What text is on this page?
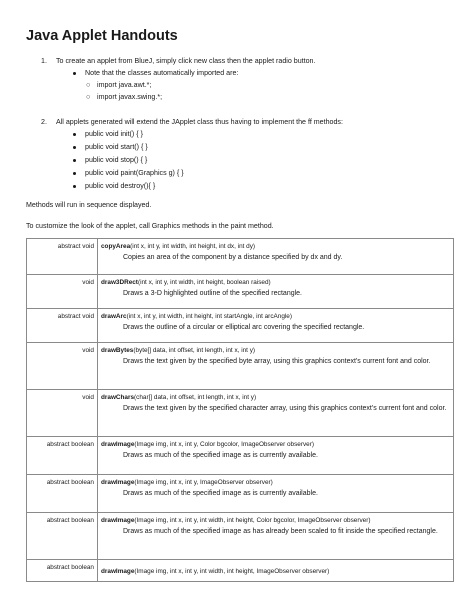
Java Applet Handouts

1. To create an applet from BlueJ, simply click new class then the applet radio button.

Note that the classes automatically imported are:

○ import java.awt.*;

○ import javax.swing.*;

2. All applets generated will extend the JApplet class thus having to implement the ff methods:

public void init() { }

public void start() { }

public void stop() { }

public void paint(Graphics g) { }

public void destroy(){ }

Methods will run in sequence displayed.

To customize the look of the applet, call Graphics methods in the paint method.

abstract void	copyArea(int x, int y, int width, int height, int dx, int dy)
Copies an area of the component by a distance specified by dx and dy.

void	draw3DRect(int x, int y, int width, int height, boolean raised)
Draws a 3-D highlighted outline of the specified rectangle.

abstract void	drawArc(int x, int y, int width, int height, int startAngle, int arcAngle)
Draws the outline of a circular or elliptical arc covering the specified rectangle.

void	drawBytes(byte[] data, int offset, int length, int x, int y)
Draws the text given by the specified byte array, using this graphics context's current font and color.

void	drawChars(char[] data, int offset, int length, int x, int y)
Draws the text given by the specified character array, using this graphics context's current font and color.

abstract boolean	drawImage(Image img, int x, int y, Color bgcolor, ImageObserver observer)
Draws as much of the specified image as is currently available.

abstract boolean	drawImage(Image img, int x, int y, ImageObserver observer)
Draws as much of the specified image as is currently available.

abstract boolean	drawImage(Image img, int x, int y, int width, int height, Color bgcolor, ImageObserver observer)
Draws as much of the specified image as has already been scaled to fit inside the specified rectangle.

abstract boolean	drawImage(Image img, int x, int y, int width, int height, ImageObserver observer)
